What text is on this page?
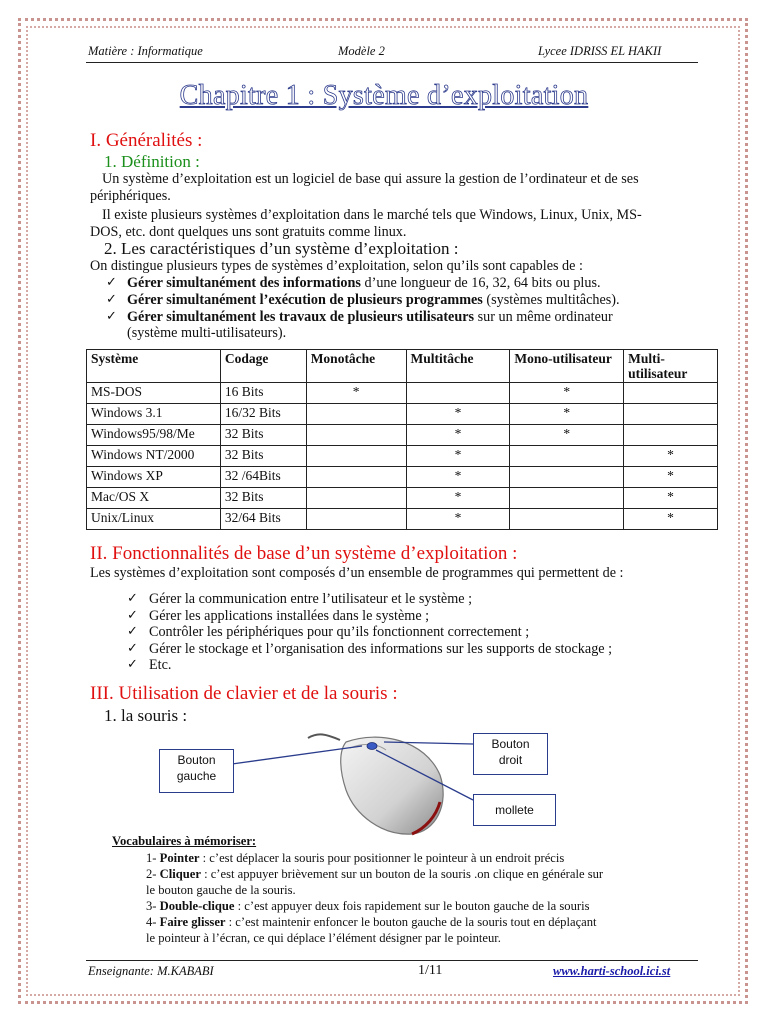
Matière : Informatique	Modèle 2	Lycee IDRISS EL HAKII
Chapitre 1 : Système d’exploitation
I. Généralités :
1. Définition :
Un système d’exploitation est un logiciel de base qui assure la gestion de l’ordinateur et de ses
périphériques.
Il existe plusieurs systèmes d’exploitation dans le marché tels que Windows, Linux, Unix, MS-
DOS, etc. dont quelques uns sont gratuits comme linux.
2. Les caractéristiques d’un système d’exploitation :
On distingue plusieurs types de systèmes d’exploitation, selon qu’ils sont capables de :
✓ Gérer simultanément des informations d’une longueur de 16, 32, 64 bits ou plus.
✓ Gérer simultanément l’exécution de plusieurs programmes (systèmes multitâches).
✓ Gérer simultanément les travaux de plusieurs utilisateurs sur un même ordinateur
(système multi-utilisateurs).
Système	Codage	Monotâche	Multitâche	Mono-utilisateur	Multi-utilisateur
MS-DOS	16 Bits	*		*	
Windows 3.1	16/32 Bits		*	*	
Windows95/98/Me	32 Bits		*	*	
Windows NT/2000	32 Bits		*		*
Windows XP	32 /64Bits		*		*
Mac/OS X	32 Bits		*		*
Unix/Linux	32/64 Bits		*		*
II. Fonctionnalités de base d’un système d’exploitation :
Les systèmes d’exploitation sont composés d’un ensemble de programmes qui permettent de :
✓ Gérer la communication entre l’utilisateur et le système ;
✓ Gérer les applications installées dans le système ;
✓ Contrôler les périphériques pour qu’ils fonctionnent correctement ;
✓ Gérer le stockage et l’organisation des informations sur les supports de stockage ;
✓ Etc.
III. Utilisation de clavier et de la souris :
1. la souris :
Bouton
gauche
Bouton
droit
mollete
Vocabulaires à mémoriser:
1- Pointer : c’est déplacer la souris pour positionner le pointeur à un endroit précis
2- Cliquer : c’est appuyer brièvement sur un bouton de la souris .on clique en générale sur
le bouton gauche de la souris.
3- Double-clique : c’est appuyer deux fois rapidement sur le bouton gauche de la souris
4- Faire glisser : c’est maintenir enfoncer le bouton gauche de la souris tout en déplaçant
le pointeur à l’écran, ce qui déplace l’élément désigner par le pointeur.
Enseignante: M.KABABI	1/11	www.harti-school.ici.st
